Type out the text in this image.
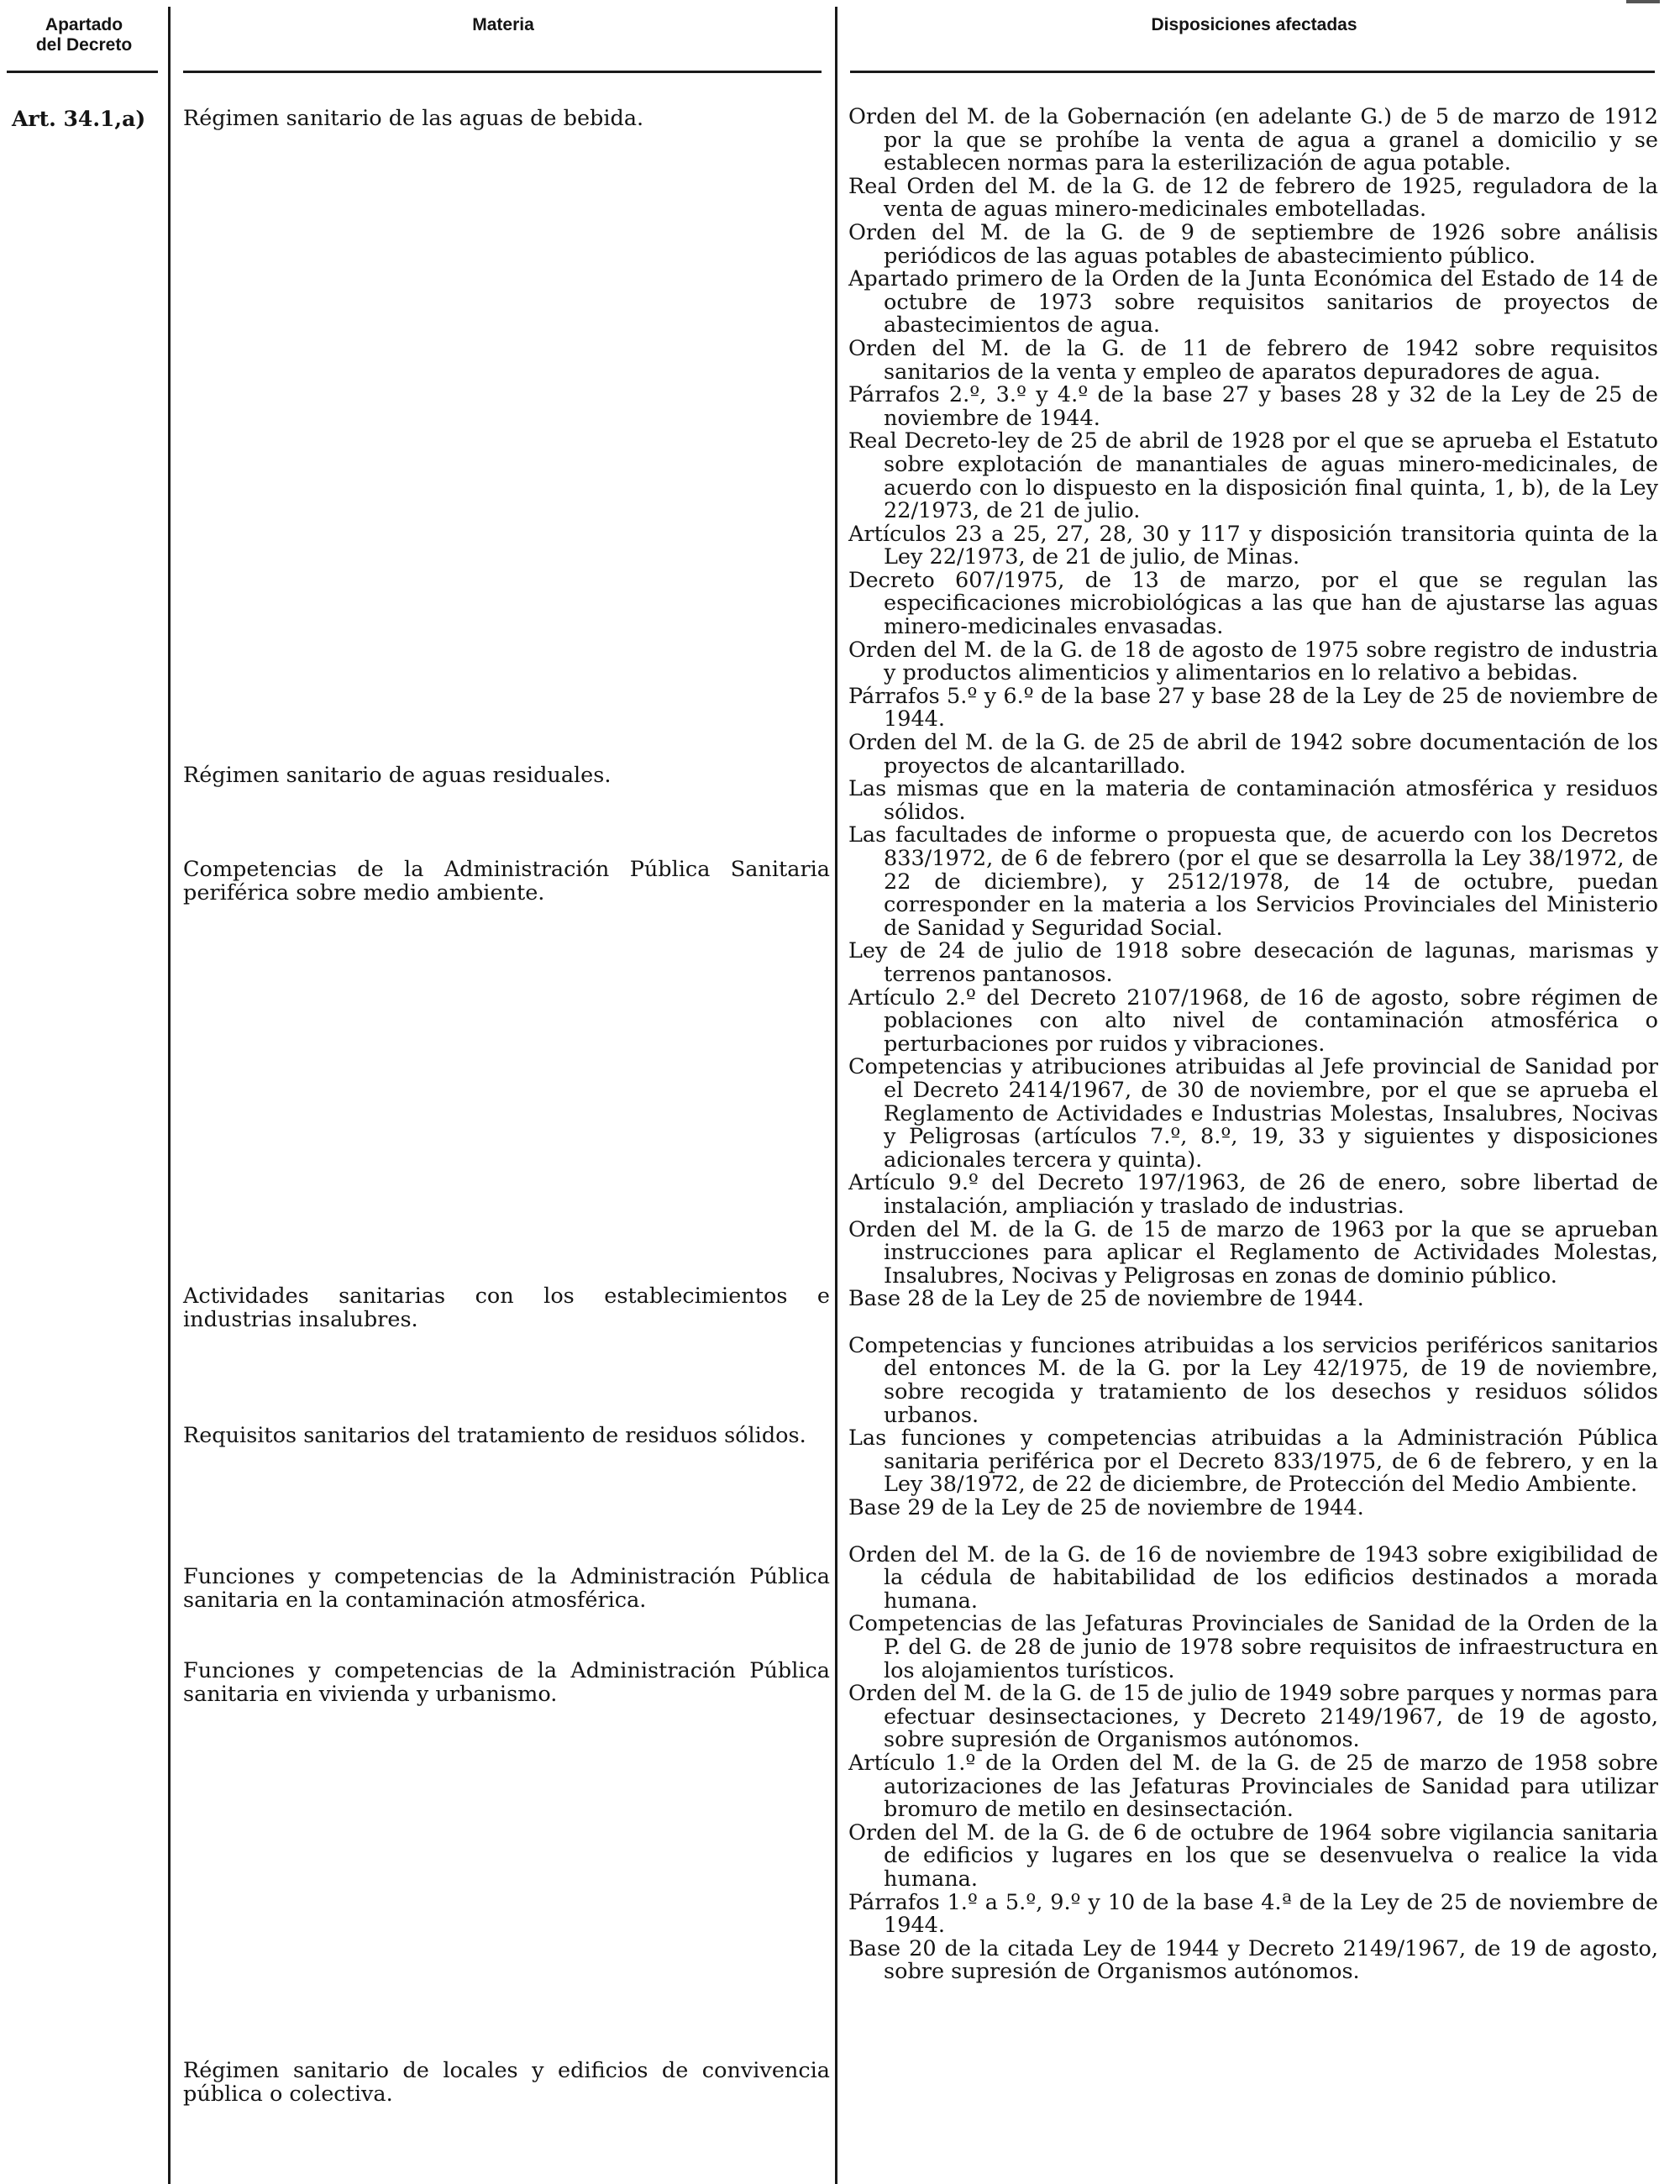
Apartado
del Decreto
Materia	Disposiciones afectadas
Art. 34.1,a) Régimen sanitario de las aguas de bebida.
Régimen sanitario de aguas residuales.
Competencias de la Administración Pública Sanitaria periférica sobre medio ambiente.
Actividades sanitarias con los establecimientos e industrias insalubres.
Requisitos sanitarios del tratamiento de residuos sólidos.
Funciones y competencias de la Administración Pública sanitaria en la contaminación atmosférica.
Funciones y competencias de la Administración Pública sanitaria en vivienda y urbanismo.
Régimen sanitario de locales y edificios de convivencia pública o colectiva.

Orden del M. de la Gobernación (en adelante G.) de 5 de marzo de 1912 por la que se prohíbe la venta de agua a granel a domicilio y se establecen normas para la esterilización de agua potable.

Real Orden del M. de la G. de 12 de febrero de 1925, reguladora de la venta de aguas minero-medicinales embotelladas.

Orden del M. de la G. de 9 de septiembre de 1926 sobre análisis periódicos de las aguas potables de abastecimiento público.

Apartado primero de la Orden de la Junta Económica del Estado de 14 de octubre de 1973 sobre requisitos sanitarios de proyectos de abastecimientos de agua.

Orden del M. de la G. de 11 de febrero de 1942 sobre requisitos sanitarios de la venta y empleo de aparatos depuradores de agua.

Párrafos 2.º, 3.º y 4.º de la base 27 y bases 28 y 32 de la Ley de 25 de noviembre de 1944.

Real Decreto-ley de 25 de abril de 1928 por el que se aprueba el Estatuto sobre explotación de manantiales de aguas minero-medicinales, de acuerdo con lo dispuesto en la disposición final quinta, 1, b), de la Ley 22/1973, de 21 de julio.

Artículos 23 a 25, 27, 28, 30 y 117 y disposición transitoria quinta de la Ley 22/1973, de 21 de julio, de Minas.

Decreto 607/1975, de 13 de marzo, por el que se regulan las especificaciones microbiológicas a las que han de ajustarse las aguas minero-medicinales envasadas.

Orden del M. de la G. de 18 de agosto de 1975 sobre registro de industria y productos alimenticios y alimentarios en lo relativo a bebidas.

Párrafos 5.º y 6.º de la base 27 y base 28 de la Ley de 25 de noviembre de 1944.

Orden del M. de la G. de 25 de abril de 1942 sobre documentación de los proyectos de alcantarillado.

Las mismas que en la materia de contaminación atmosférica y residuos sólidos.

Las facultades de informe o propuesta que, de acuerdo con los Decretos 833/1972, de 6 de febrero (por el que se desarrolla la Ley 38/1972, de 22 de diciembre), y 2512/1978, de 14 de octubre, puedan corresponder en la materia a los Servicios Provinciales del Ministerio de Sanidad y Seguridad Social.

Ley de 24 de julio de 1918 sobre desecación de lagunas, marismas y terrenos pantanosos.

Artículo 2.º del Decreto 2107/1968, de 16 de agosto, sobre régimen de poblaciones con alto nivel de contaminación atmosférica o perturbaciones por ruidos y vibraciones.

Competencias y atribuciones atribuidas al Jefe provincial de Sanidad por el Decreto 2414/1967, de 30 de noviembre, por el que se aprueba el Reglamento de Actividades e Industrias Molestas, Insalubres, Nocivas y Peligrosas (artículos 7.º, 8.º, 19, 33 y siguientes y disposiciones adicionales tercera y quinta).

Artículo 9.º del Decreto 197/1963, de 26 de enero, sobre libertad de instalación, ampliación y traslado de industrias.

Orden del M. de la G. de 15 de marzo de 1963 por la que se aprueban instrucciones para aplicar el Reglamento de Actividades Molestas, Insalubres, Nocivas y Peligrosas en zonas de dominio público.

Base 28 de la Ley de 25 de noviembre de 1944.

Competencias y funciones atribuidas a los servicios periféricos sanitarios del entonces M. de la G. por la Ley 42/1975, de 19 de noviembre, sobre recogida y tratamiento de los desechos y residuos sólidos urbanos.

Las funciones y competencias atribuidas a la Administración Pública sanitaria periférica por el Decreto 833/1975, de 6 de febrero, y en la Ley 38/1972, de 22 de diciembre, de Protección del Medio Ambiente.

Base 29 de la Ley de 25 de noviembre de 1944.

Orden del M. de la G. de 16 de noviembre de 1943 sobre exigibilidad de la cédula de habitabilidad de los edificios destinados a morada humana.

Competencias de las Jefaturas Provinciales de Sanidad de la Orden de la P. del G. de 28 de junio de 1978 sobre requisitos de infraestructura en los alojamientos turísticos.

Orden del M. de la G. de 15 de julio de 1949 sobre parques y normas para efectuar desinsectaciones, y Decreto 2149/1967, de 19 de agosto, sobre supresión de Organismos autónomos.

Artículo 1.º de la Orden del M. de la G. de 25 de marzo de 1958 sobre autorizaciones de las Jefaturas Provinciales de Sanidad para utilizar bromuro de metilo en desinsectación.

Orden del M. de la G. de 6 de octubre de 1964 sobre vigilancia sanitaria de edificios y lugares en los que se desenvuelva o realice la vida humana.

Párrafos 1.º a 5.º, 9.º y 10 de la base 4.ª de la Ley de 25 de noviembre de 1944.

Base 20 de la citada Ley de 1944 y Decreto 2149/1967, de 19 de agosto, sobre supresión de Organismos autónomos.
